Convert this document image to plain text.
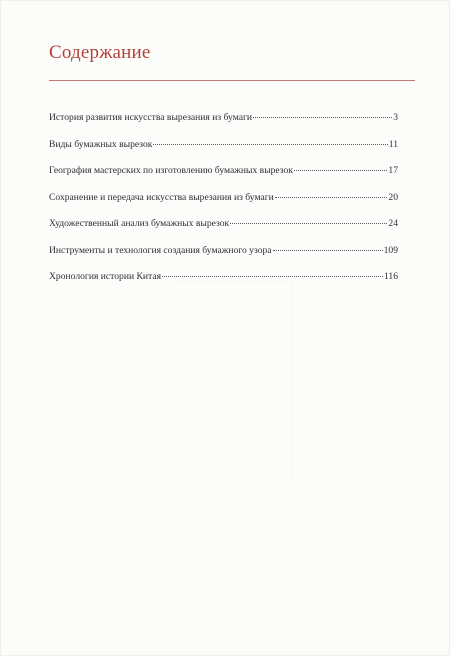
Содержание
История развития искусства вырезания из бумаги	3
Виды бумажных вырезок	11
География мастерских по изготовлению бумажных вырезок	17
Сохранение и передача искусства вырезания из бумаги	20
Художественный анализ бумажных вырезок	24
Инструменты и технология создания бумажного узора	109
Хронология истории Китая	116
